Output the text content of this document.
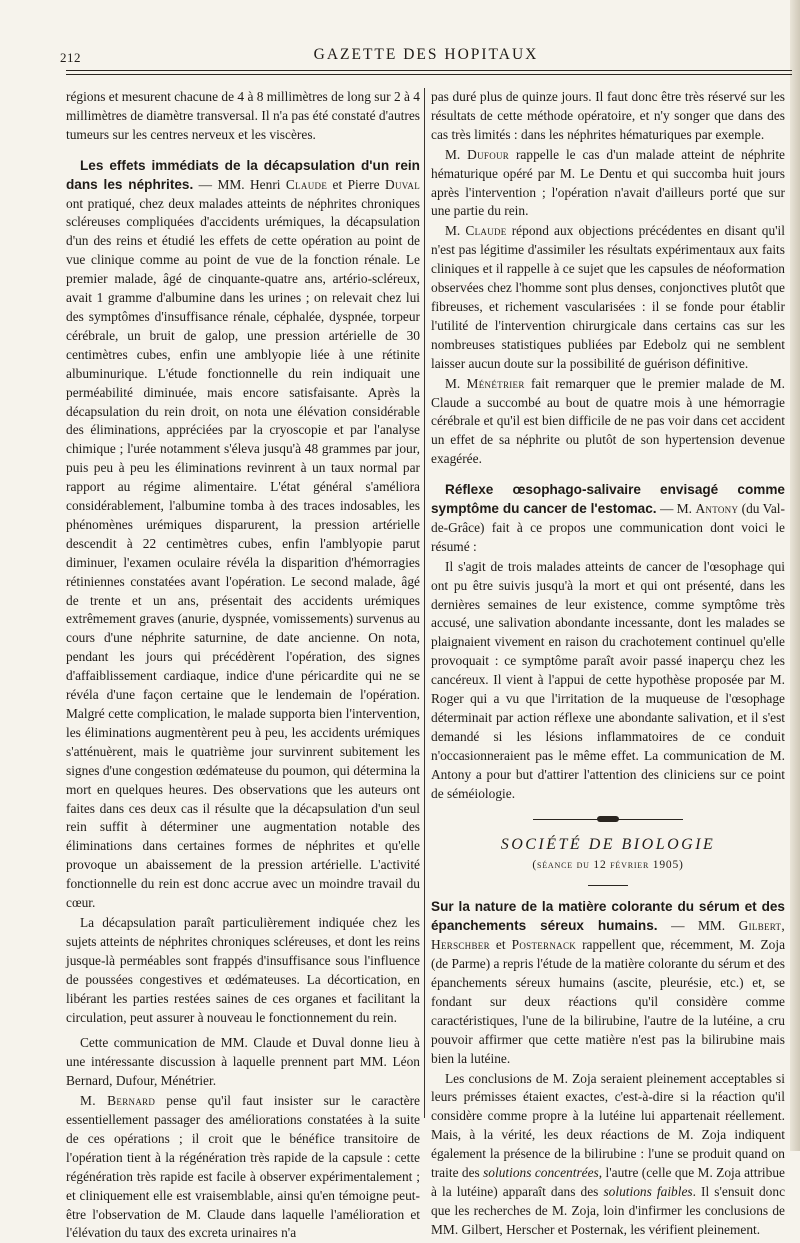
212	GAZETTE DES HOPITAUX

régions et mesurent chacune de 4 à 8 millimètres de long sur 2 à 4 millimètres de diamètre transversal. Il n'a pas été constaté d'autres tumeurs sur les centres nerveux et les viscères.

Les effets immédiats de la décapsulation d'un rein dans les néphrites. — MM. Henri Claude et Pierre Duval ont pratiqué, chez deux malades atteints de néphrites chroniques scléreuses compliquées d'accidents urémiques, la décapsulation d'un des reins et étudié les effets de cette opération au point de vue clinique comme au point de vue de la fonction rénale. Le premier malade, âgé de cinquante-quatre ans, artério-scléreux, avait 1 gramme d'albumine dans les urines ; on relevait chez lui des symptômes d'insuffisance rénale, céphalée, dyspnée, torpeur cérébrale, un bruit de galop, une pression artérielle de 30 centimètres cubes, enfin une amblyopie liée à une rétinite albuminurique. L'étude fonctionnelle du rein indiquait une perméabilité diminuée, mais encore satisfaisante. Après la décapsulation du rein droit, on nota une élévation considérable des éliminations, appréciées par la cryoscopie et par l'analyse chimique ; l'urée notamment s'éleva jusqu'à 48 grammes par jour, puis peu à peu les éliminations revinrent à un taux normal par rapport au régime alimentaire. L'état général s'améliora considérablement, l'albumine tomba à des traces indosables, les phénomènes urémiques disparurent, la pression artérielle descendit à 22 centimètres cubes, enfin l'amblyopie parut diminuer, l'examen oculaire révéla la disparition d'hémorragies rétiniennes constatées avant l'opération. Le second malade, âgé de trente et un ans, présentait des accidents urémiques extrêmement graves (anurie, dyspnée, vomissements) survenus au cours d'une néphrite saturnine, de date ancienne. On nota, pendant les jours qui précédèrent l'opération, des signes d'affaiblissement cardiaque, indice d'une péricardite qui ne se révéla d'une façon certaine que le lendemain de l'opération. Malgré cette complication, le malade supporta bien l'intervention, les éliminations augmentèrent peu à peu, les accidents urémiques s'atténuèrent, mais le quatrième jour survinrent subitement les signes d'une congestion œdémateuse du poumon, qui détermina la mort en quelques heures. Des observations que les auteurs ont faites dans ces deux cas il résulte que la décapsulation d'un seul rein suffit à déterminer une augmentation notable des éliminations dans certaines formes de néphrites et qu'elle provoque un abaissement de la pression artérielle. L'activité fonctionnelle du rein est donc accrue avec un moindre travail du cœur.

La décapsulation paraît particulièrement indiquée chez les sujets atteints de néphrites chroniques scléreuses, et dont les reins jusque-là perméables sont frappés d'insuffisance sous l'influence de poussées congestives et œdémateuses. La décortication, en libérant les parties restées saines de ces organes et facilitant la circulation, peut assurer à nouveau le fonctionnement du rein.

Cette communication de MM. Claude et Duval donne lieu à une intéressante discussion à laquelle prennent part MM. Léon Bernard, Dufour, Ménétrier.

M. Bernard pense qu'il faut insister sur le caractère essentiellement passager des améliorations constatées à la suite de ces opérations ; il croit que le bénéfice transitoire de l'opération tient à la régénération très rapide de la capsule : cette régénération très rapide est facile à observer expérimentalement ; et cliniquement elle est vraisemblable, ainsi qu'en témoigne peut-être l'observation de M. Claude dans laquelle l'amélioration et l'élévation du taux des excreta urinaires n'a

pas duré plus de quinze jours. Il faut donc être très réservé sur les résultats de cette méthode opératoire, et n'y songer que dans des cas très limités : dans les néphrites hématuriques par exemple.

M. Dufour rappelle le cas d'un malade atteint de néphrite hématurique opéré par M. Le Dentu et qui succomba huit jours après l'intervention ; l'opération n'avait d'ailleurs porté que sur une partie du rein.

M. Claude répond aux objections précédentes en disant qu'il n'est pas légitime d'assimiler les résultats expérimentaux aux faits cliniques et il rappelle à ce sujet que les capsules de néoformation observées chez l'homme sont plus denses, conjonctives plutôt que fibreuses, et richement vascularisées : il se fonde pour établir l'utilité de l'intervention chirurgicale dans certains cas sur les nombreuses statistiques publiées par Edebolz qui ne semblent laisser aucun doute sur la possibilité de guérison définitive.

M. Ménétrier fait remarquer que le premier malade de M. Claude a succombé au bout de quatre mois à une hémorragie cérébrale et qu'il est bien difficile de ne pas voir dans cet accident un effet de sa néphrite ou plutôt de son hypertension devenue exagérée.

Réflexe œsophago-salivaire envisagé comme symptôme du cancer de l'estomac. — M. Antony (du Val-de-Grâce) fait à ce propos une communication dont voici le résumé :

Il s'agit de trois malades atteints de cancer de l'œsophage qui ont pu être suivis jusqu'à la mort et qui ont présenté, dans les dernières semaines de leur existence, comme symptôme très accusé, une salivation abondante incessante, dont les malades se plaignaient vivement en raison du crachotement continuel qu'elle provoquait : ce symptôme paraît avoir passé inaperçu chez les cancéreux. Il vient à l'appui de cette hypothèse proposée par M. Roger qui a vu que l'irritation de la muqueuse de l'œsophage déterminait par action réflexe une abondante salivation, et il s'est demandé si les lésions inflammatoires de ce conduit n'occasionneraient pas le même effet. La communication de M. Antony a pour but d'attirer l'attention des cliniciens sur ce point de séméiologie.

SOCIÉTÉ DE BIOLOGIE
(séance du 12 février 1905)

Sur la nature de la matière colorante du sérum et des épanchements séreux humains. — MM. Gilbert, Herschber et Posternack rappellent que, récemment, M. Zoja (de Parme) a repris l'étude de la matière colorante du sérum et des épanchements séreux humains (ascite, pleurésie, etc.) et, se fondant sur deux réactions qu'il considère comme caractéristiques, l'une de la bilirubine, l'autre de la lutéine, a cru pouvoir affirmer que cette matière n'est pas la bilirubine mais bien la lutéine.

Les conclusions de M. Zoja seraient pleinement acceptables si leurs prémisses étaient exactes, c'est-à-dire si la réaction qu'il considère comme propre à la lutéine lui appartenait réellement. Mais, à la vérité, les deux réactions de M. Zoja indiquent également la présence de la bilirubine : l'une se produit quand on traite des solutions concentrées, l'autre (celle que M. Zoja attribue à la lutéine) apparaît dans des solutions faibles. Il s'ensuit donc que les recherches de M. Zoja, loin d'infirmer les conclusions de MM. Gilbert, Herscher et Posternak, les vérifient pleinement.
